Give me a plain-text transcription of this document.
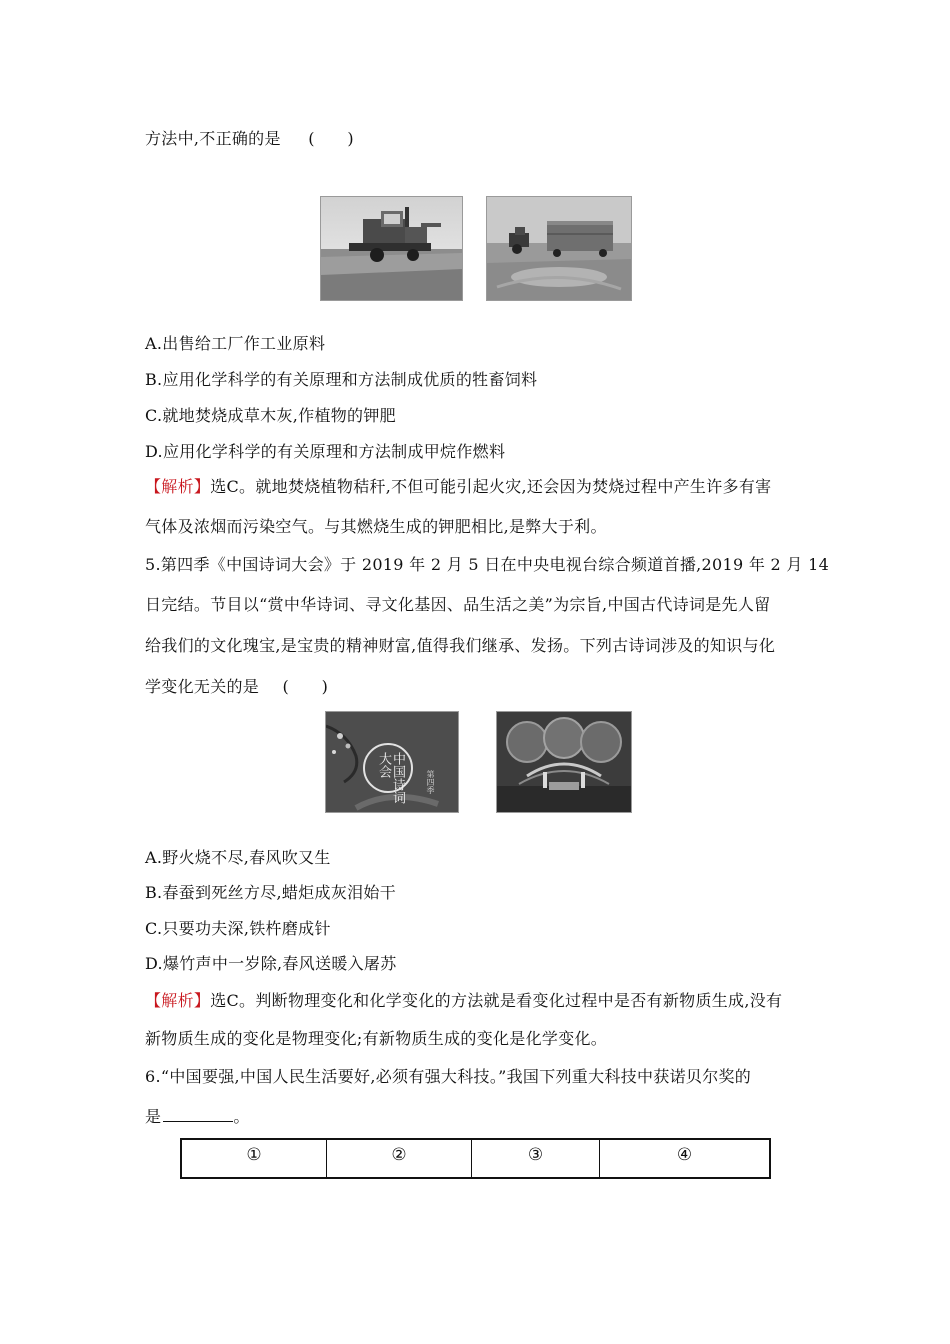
方法中,不正确的是 (　　)
A.出售给工厂作工业原料
B.应用化学科学的有关原理和方法制成优质的牲畜饲料
C.就地焚烧成草木灰,作植物的钾肥
D.应用化学科学的有关原理和方法制成甲烷作燃料
【解析】选C。就地焚烧植物秸秆,不但可能引起火灾,还会因为焚烧过程中产生许多有害
气体及浓烟而污染空气。与其燃烧生成的钾肥相比,是弊大于利。
5.第四季《中国诗词大会》于 2019 年 2 月 5 日在中央电视台综合频道首播,2019 年 2 月 14
日完结。节目以“赏中华诗词、寻文化基因、品生活之美”为宗旨,中国古代诗词是先人留
给我们的文化瑰宝,是宝贵的精神财富,值得我们继承、发扬。下列古诗词涉及的知识与化
学变化无关的是 (　　)
中国诗词大会
第四季
A.野火烧不尽,春风吹又生
B.春蚕到死丝方尽,蜡炬成灰泪始干
C.只要功夫深,铁杵磨成针
D.爆竹声中一岁除,春风送暖入屠苏
【解析】选C。判断物理变化和化学变化的方法就是看变化过程中是否有新物质生成,没有
新物质生成的变化是物理变化;有新物质生成的变化是化学变化。
6.“中国要强,中国人民生活要好,必须有强大科技。”我国下列重大科技中获诺贝尔奖的
是	。
①	②	③	④
